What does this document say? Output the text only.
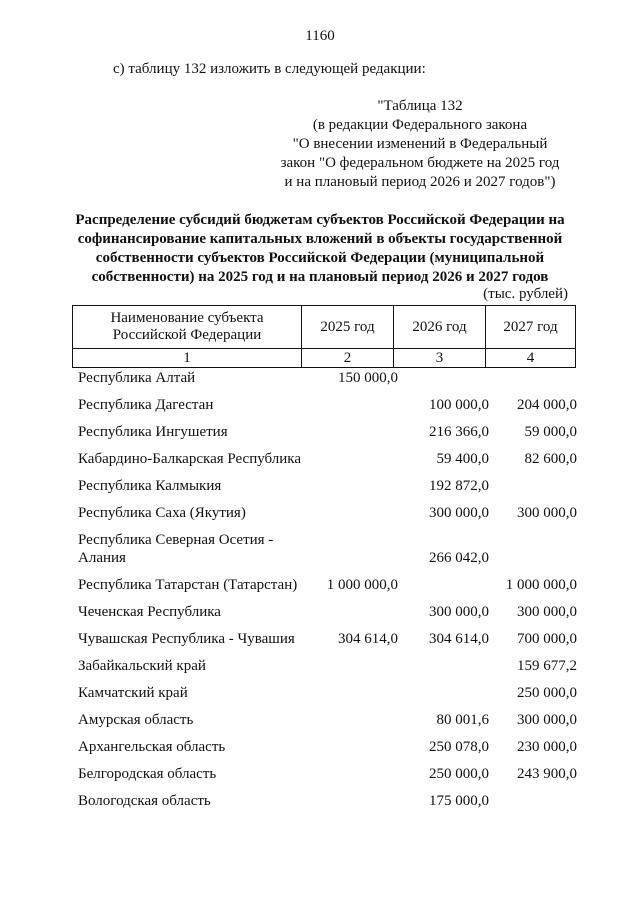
1160
с) таблицу 132 изложить в следующей редакции:
"Таблица 132
(в редакции Федерального закона
"О внесении изменений в Федеральный
закон "О федеральном бюджете на 2025 год
и на плановый период 2026 и 2027 годов")
Распределение субсидий бюджетам субъектов Российской Федерации на
софинансирование капитальных вложений в объекты государственной
собственности субъектов Российской Федерации (муниципальной
собственности) на 2025 год и на плановый период 2026 и 2027 годов
(тыс. рублей)
Наименование субъекта Российской Федерации	2025 год	2026 год	2027 год
1	2	3	4
Республика Алтай	150 000,0		
Республика Дагестан		100 000,0	204 000,0
Республика Ингушетия		216 366,0	59 000,0
Кабардино-Балкарская Республика		59 400,0	82 600,0
Республика Калмыкия		192 872,0	
Республика Саха (Якутия)		300 000,0	300 000,0
Республика Северная Осетия - Алания		266 042,0	
Республика Татарстан (Татарстан)	1 000 000,0		1 000 000,0
Чеченская Республика		300 000,0	300 000,0
Чувашская Республика - Чувашия	304 614,0	304 614,0	700 000,0
Забайкальский край			159 677,2
Камчатский край			250 000,0
Амурская область		80 001,6	300 000,0
Архангельская область		250 078,0	230 000,0
Белгородская область		250 000,0	243 900,0
Вологодская область		175 000,0	
